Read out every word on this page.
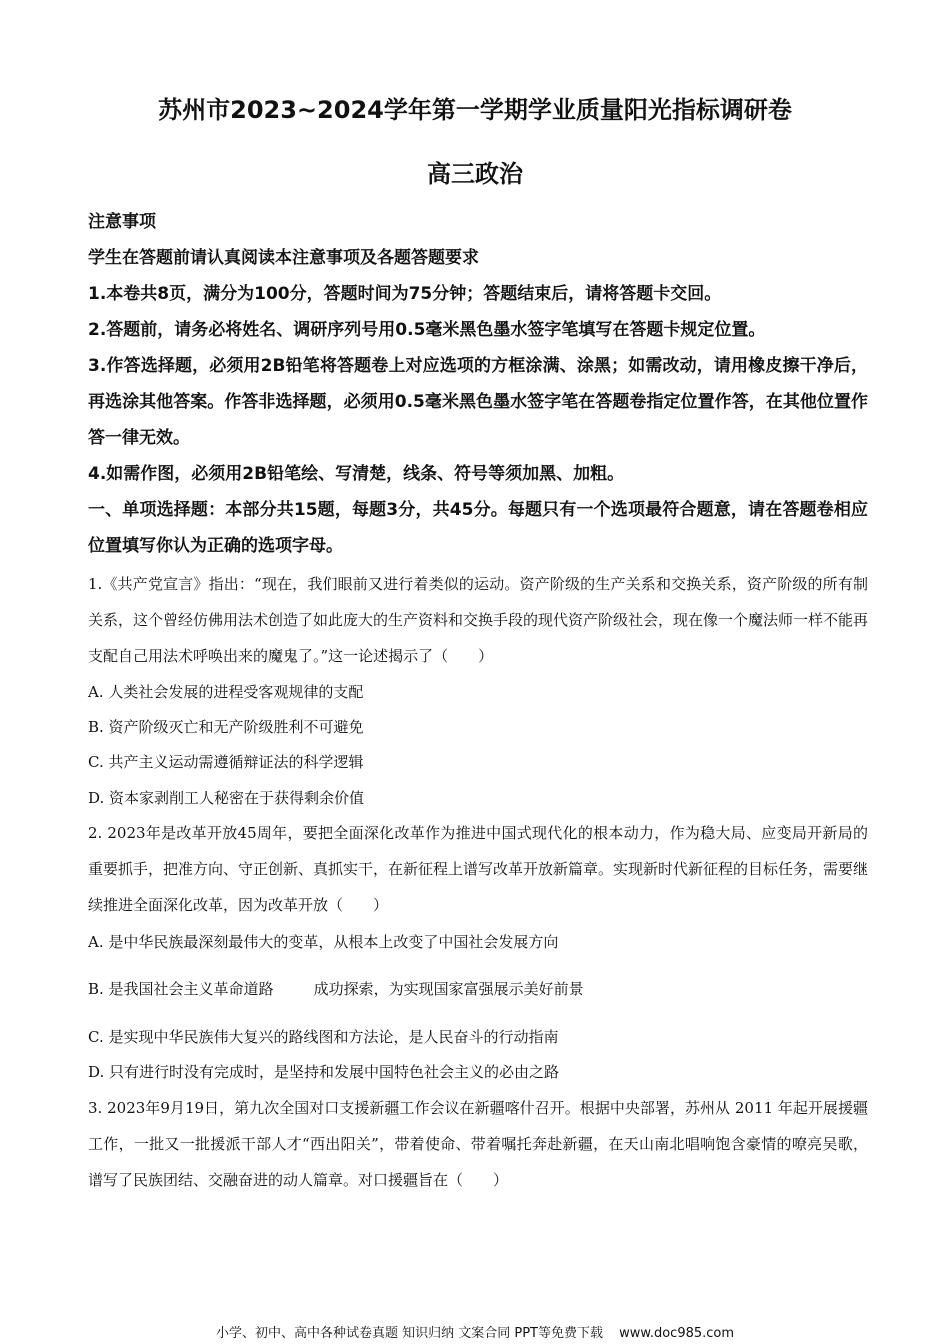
苏州市2023~2024学年第一学期学业质量阳光指标调研卷
高三政治
注意事项
学生在答题前请认真阅读本注意事项及各题答题要求
1.本卷共8页，满分为100分，答题时间为75分钟；答题结束后，请将答题卡交回。
2.答题前，请务必将姓名、调研序列号用0.5毫米黑色墨水签字笔填写在答题卡规定位置。
3.作答选择题，必须用2B铅笔将答题卷上对应选项的方框涂满、涂黑；如需改动，请用橡皮擦干净后，再选涂其他答案。作答非选择题，必须用0.5毫米黑色墨水签字笔在答题卷指定位置作答，在其他位置作答一律无效。
4.如需作图，必须用2B铅笔绘、写清楚，线条、符号等须加黑、加粗。
一、单项选择题：本部分共15题，每题3分，共45分。每题只有一个选项最符合题意，请在答题卷相应位置填写你认为正确的选项字母。
1.《共产党宣言》指出：“现在，我们眼前又进行着类似的运动。资产阶级的生产关系和交换关系，资产阶级的所有制关系，这个曾经仿佛用法术创造了如此庞大的生产资料和交换手段的现代资产阶级社会，现在像一个魔法师一样不能再支配自己用法术呼唤出来的魔鬼了。”这一论述揭示了（　　）
A. 人类社会发展的进程受客观规律的支配
B. 资产阶级灭亡和无产阶级胜利不可避免
C. 共产主义运动需遵循辩证法的科学逻辑
D. 资本家剥削工人秘密在于获得剩余价值
2. 2023年是改革开放45周年，要把全面深化改革作为推进中国式现代化的根本动力，作为稳大局、应变局开新局的重要抓手，把准方向、守正创新、真抓实干，在新征程上谱写改革开放新篇章。实现新时代新征程的目标任务，需要继续推进全面深化改革，因为改革开放（　　）
A. 是中华民族最深刻最伟大的变革，从根本上改变了中国社会发展方向
B. 是我国社会主义革命道路	成功探索，为实现国家富强展示美好前景
C. 是实现中华民族伟大复兴的路线图和方法论，是人民奋斗的行动指南
D. 只有进行时没有完成时，是坚持和发展中国特色社会主义的必由之路
3. 2023年9月19日，第九次全国对口支援新疆工作会议在新疆喀什召开。根据中央部署，苏州从 2011 年起开展援疆工作，一批又一批援派干部人才“西出阳关”，带着使命、带着嘱托奔赴新疆，在天山南北唱响饱含豪情的嘹亮吴歌，谱写了民族团结、交融奋进的动人篇章。对口援疆旨在（　　）
小学、初中、高中各种试卷真题 知识归纳 文案合同 PPT等免费下载 www.doc985.com
